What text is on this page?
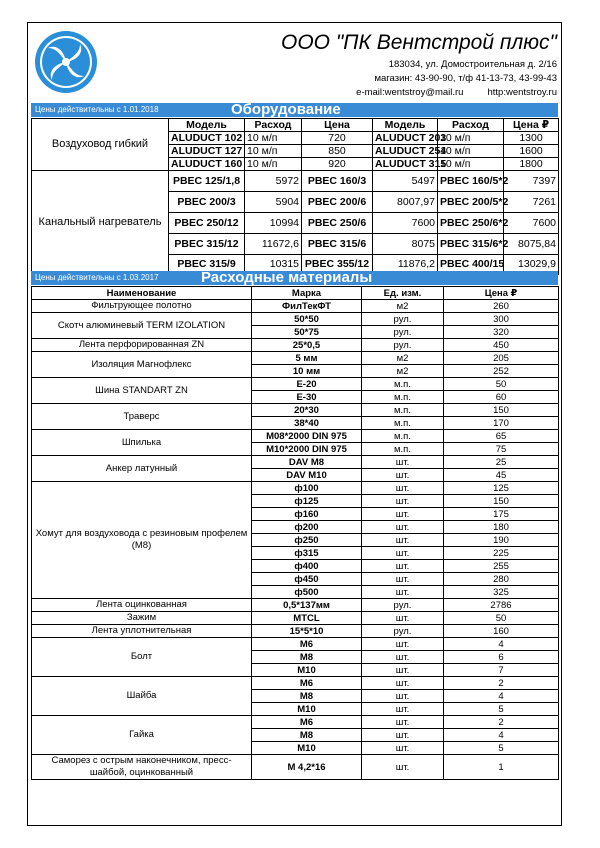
ООО "ПК Вентстрой плюс"
183034, ул. Домостроительная д. 2/16
магазин: 43-90-90, т/ф 41-13-73, 43-99-43
e-mail:wentstroy@mail.ru	http:wentstroy.ru
Цены действительны с 1.01.2018	Оборудование
Воздуховод гибкий	Модель	Расход	Цена	Модель	Расход	Цена ₽
	ALUDUCT 102	10 м/п	720	ALUDUCT 203	10 м/п	1300
	ALUDUCT 127	10 м/п	850	ALUDUCT 254	10 м/п	1600
	ALUDUCT 160	10 м/п	920	ALUDUCT 315	10 м/п	1800
Канальный нагреватель	PBEC 125/1,8	5972	PBEC 160/3	5497	PBEC 160/5*2	7397
	PBEC 200/3	5904	PBEC 200/6	8007,97	PBEC 200/5*2	7261
	PBEC 250/12	10994	PBEC 250/6	7600	PBEC 250/6*2	7600
	PBEC 315/12	11672,6	PBEC 315/6	8075	PBEC 315/6*2	8075,84
	PBEC 315/9	10315	PBEC 355/12	11876,2	PBEC 400/15	13029,9
Цены действительны с 1.03.2017	Расходные материалы
Наименование	Марка	Ед. изм.	Цена ₽
Фильтрующее полотно	ФилТекФТ	м2	260
Скотч алюминевый TERM IZOLATION	50*50	рул.	300
	50*75	рул.	320
Лента перфорированная ZN	25*0,5	рул.	450
Изоляция Магнофлекс	5 мм	м2	205
	10 мм	м2	252
Шина STANDART ZN	E-20	м.п.	50
	E-30	м.п.	60
Траверс	20*30	м.п.	150
	38*40	м.п.	170
Шпилька	M08*2000 DIN 975	м.п.	65
	M10*2000 DIN 975	м.п.	75
Анкер латунный	DAV M8	шт.	25
	DAV M10	шт.	45
Хомут для воздуховода с резиновым профелем (M8)	ф100	шт.	125
	ф125	шт.	150
	ф160	шт.	175
	ф200	шт.	180
	ф250	шт.	190
	ф315	шт.	225
	ф400	шт.	255
	ф450	шт.	280
	ф500	шт.	325
Лента оцинкованная	0,5*137мм	рул.	2786
Зажим	MTCL	шт.	50
Лента уплотнительная	15*5*10	рул.	160
Болт	M6	шт.	4
	M8	шт.	6
	M10	шт.	7
Шайба	M6	шт.	2
	M8	шт.	4
	M10	шт.	5
Гайка	M6	шт.	2
	M8	шт.	4
	M10	шт.	5
Саморез с острым наконечником, пресс-шайбой, оцинкованный	M 4,2*16	шт.	1
